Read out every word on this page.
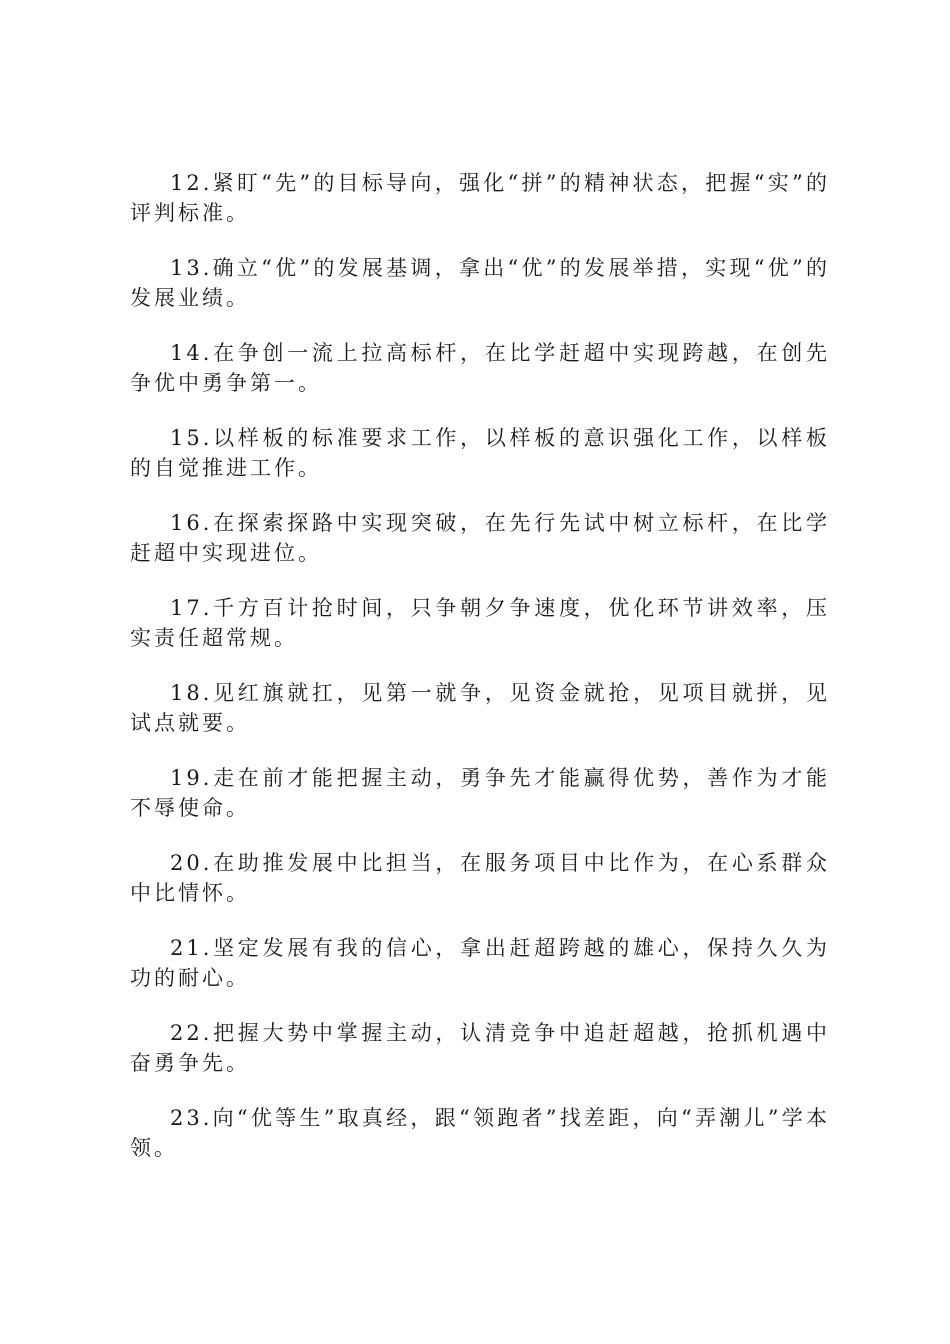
12.紧盯“先”的目标导向，强化“拼”的精神状态，把握“实”的评判标准。

13.确立“优”的发展基调，拿出“优”的发展举措，实现“优”的发展业绩。

14.在争创一流上拉高标杆，在比学赶超中实现跨越，在创先争优中勇争第一。

15.以样板的标准要求工作，以样板的意识强化工作，以样板的自觉推进工作。

16.在探索探路中实现突破，在先行先试中树立标杆，在比学赶超中实现进位。

17.千方百计抢时间，只争朝夕争速度，优化环节讲效率，压实责任超常规。

18.见红旗就扛，见第一就争，见资金就抢，见项目就拼，见试点就要。

19.走在前才能把握主动，勇争先才能赢得优势，善作为才能不辱使命。

20.在助推发展中比担当，在服务项目中比作为，在心系群众中比情怀。

21.坚定发展有我的信心，拿出赶超跨越的雄心，保持久久为功的耐心。

22.把握大势中掌握主动，认清竞争中追赶超越，抢抓机遇中奋勇争先。

23.向“优等生”取真经，跟“领跑者”找差距，向“弄潮儿”学本领。
